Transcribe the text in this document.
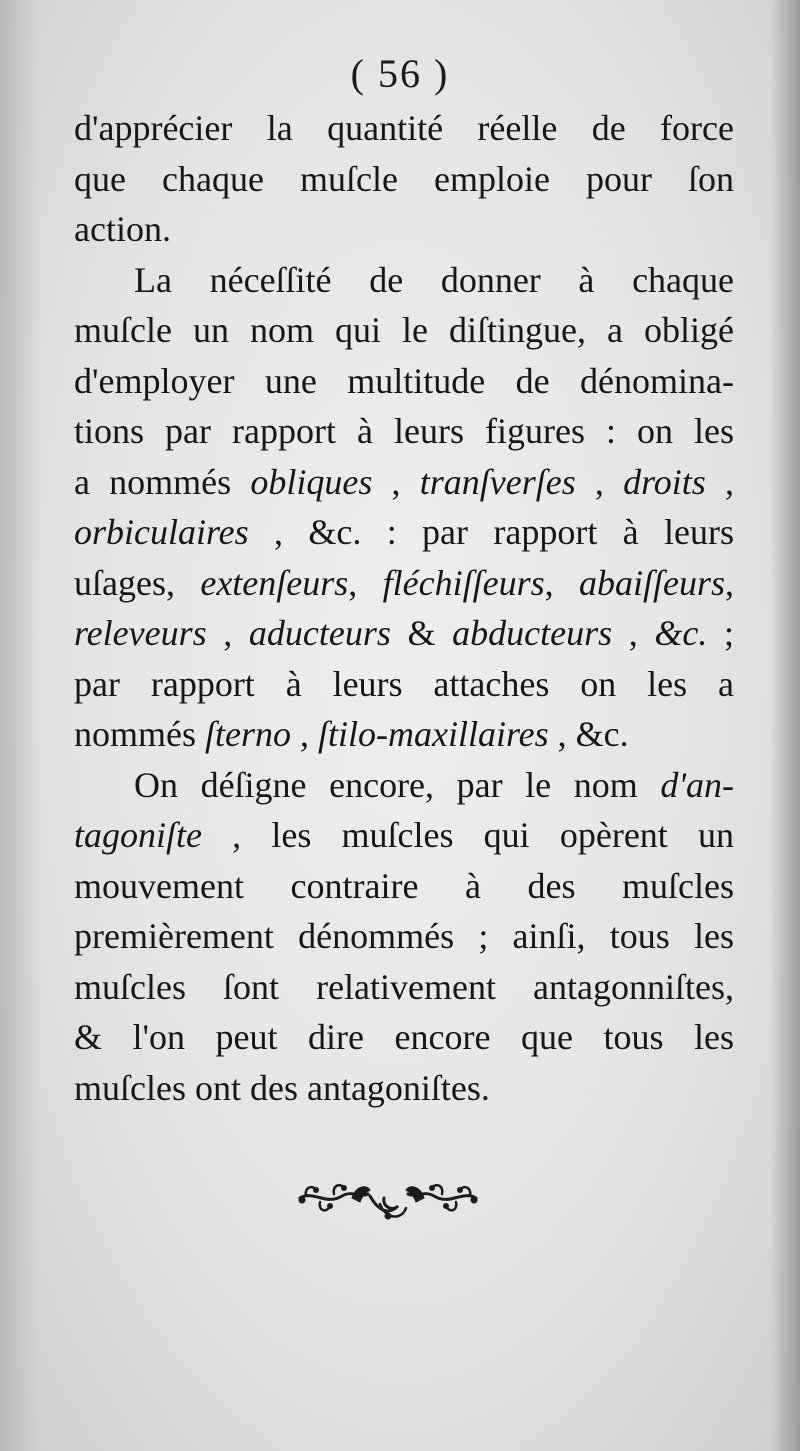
( 56 )
d'apprécier la quantité réelle de force
que chaque muſcle emploie pour ſon
action.
La néceſſité de donner à chaque
muſcle un nom qui le diſtingue, a obligé
d'employer une multitude de dénomina-
tions par rapport à leurs figures : on les
a nommés obliques , tranſverſes , droits ,
orbiculaires , &c. : par rapport à leurs
uſages, extenſeurs, fléchiſſeurs, abaiſſeurs,
releveurs , aducteurs & abducteurs , &c. ;
par rapport à leurs attaches on les a
nommés ſterno , ſtilo-maxillaires , &c.
On déſigne encore, par le nom d'an-
tagoniſte , les muſcles qui opèrent un
mouvement contraire à des muſcles
premièrement dénommés ; ainſi, tous les
muſcles ſont relativement antagonniſtes,
& l'on peut dire encore que tous les
muſcles ont des antagoniſtes.
